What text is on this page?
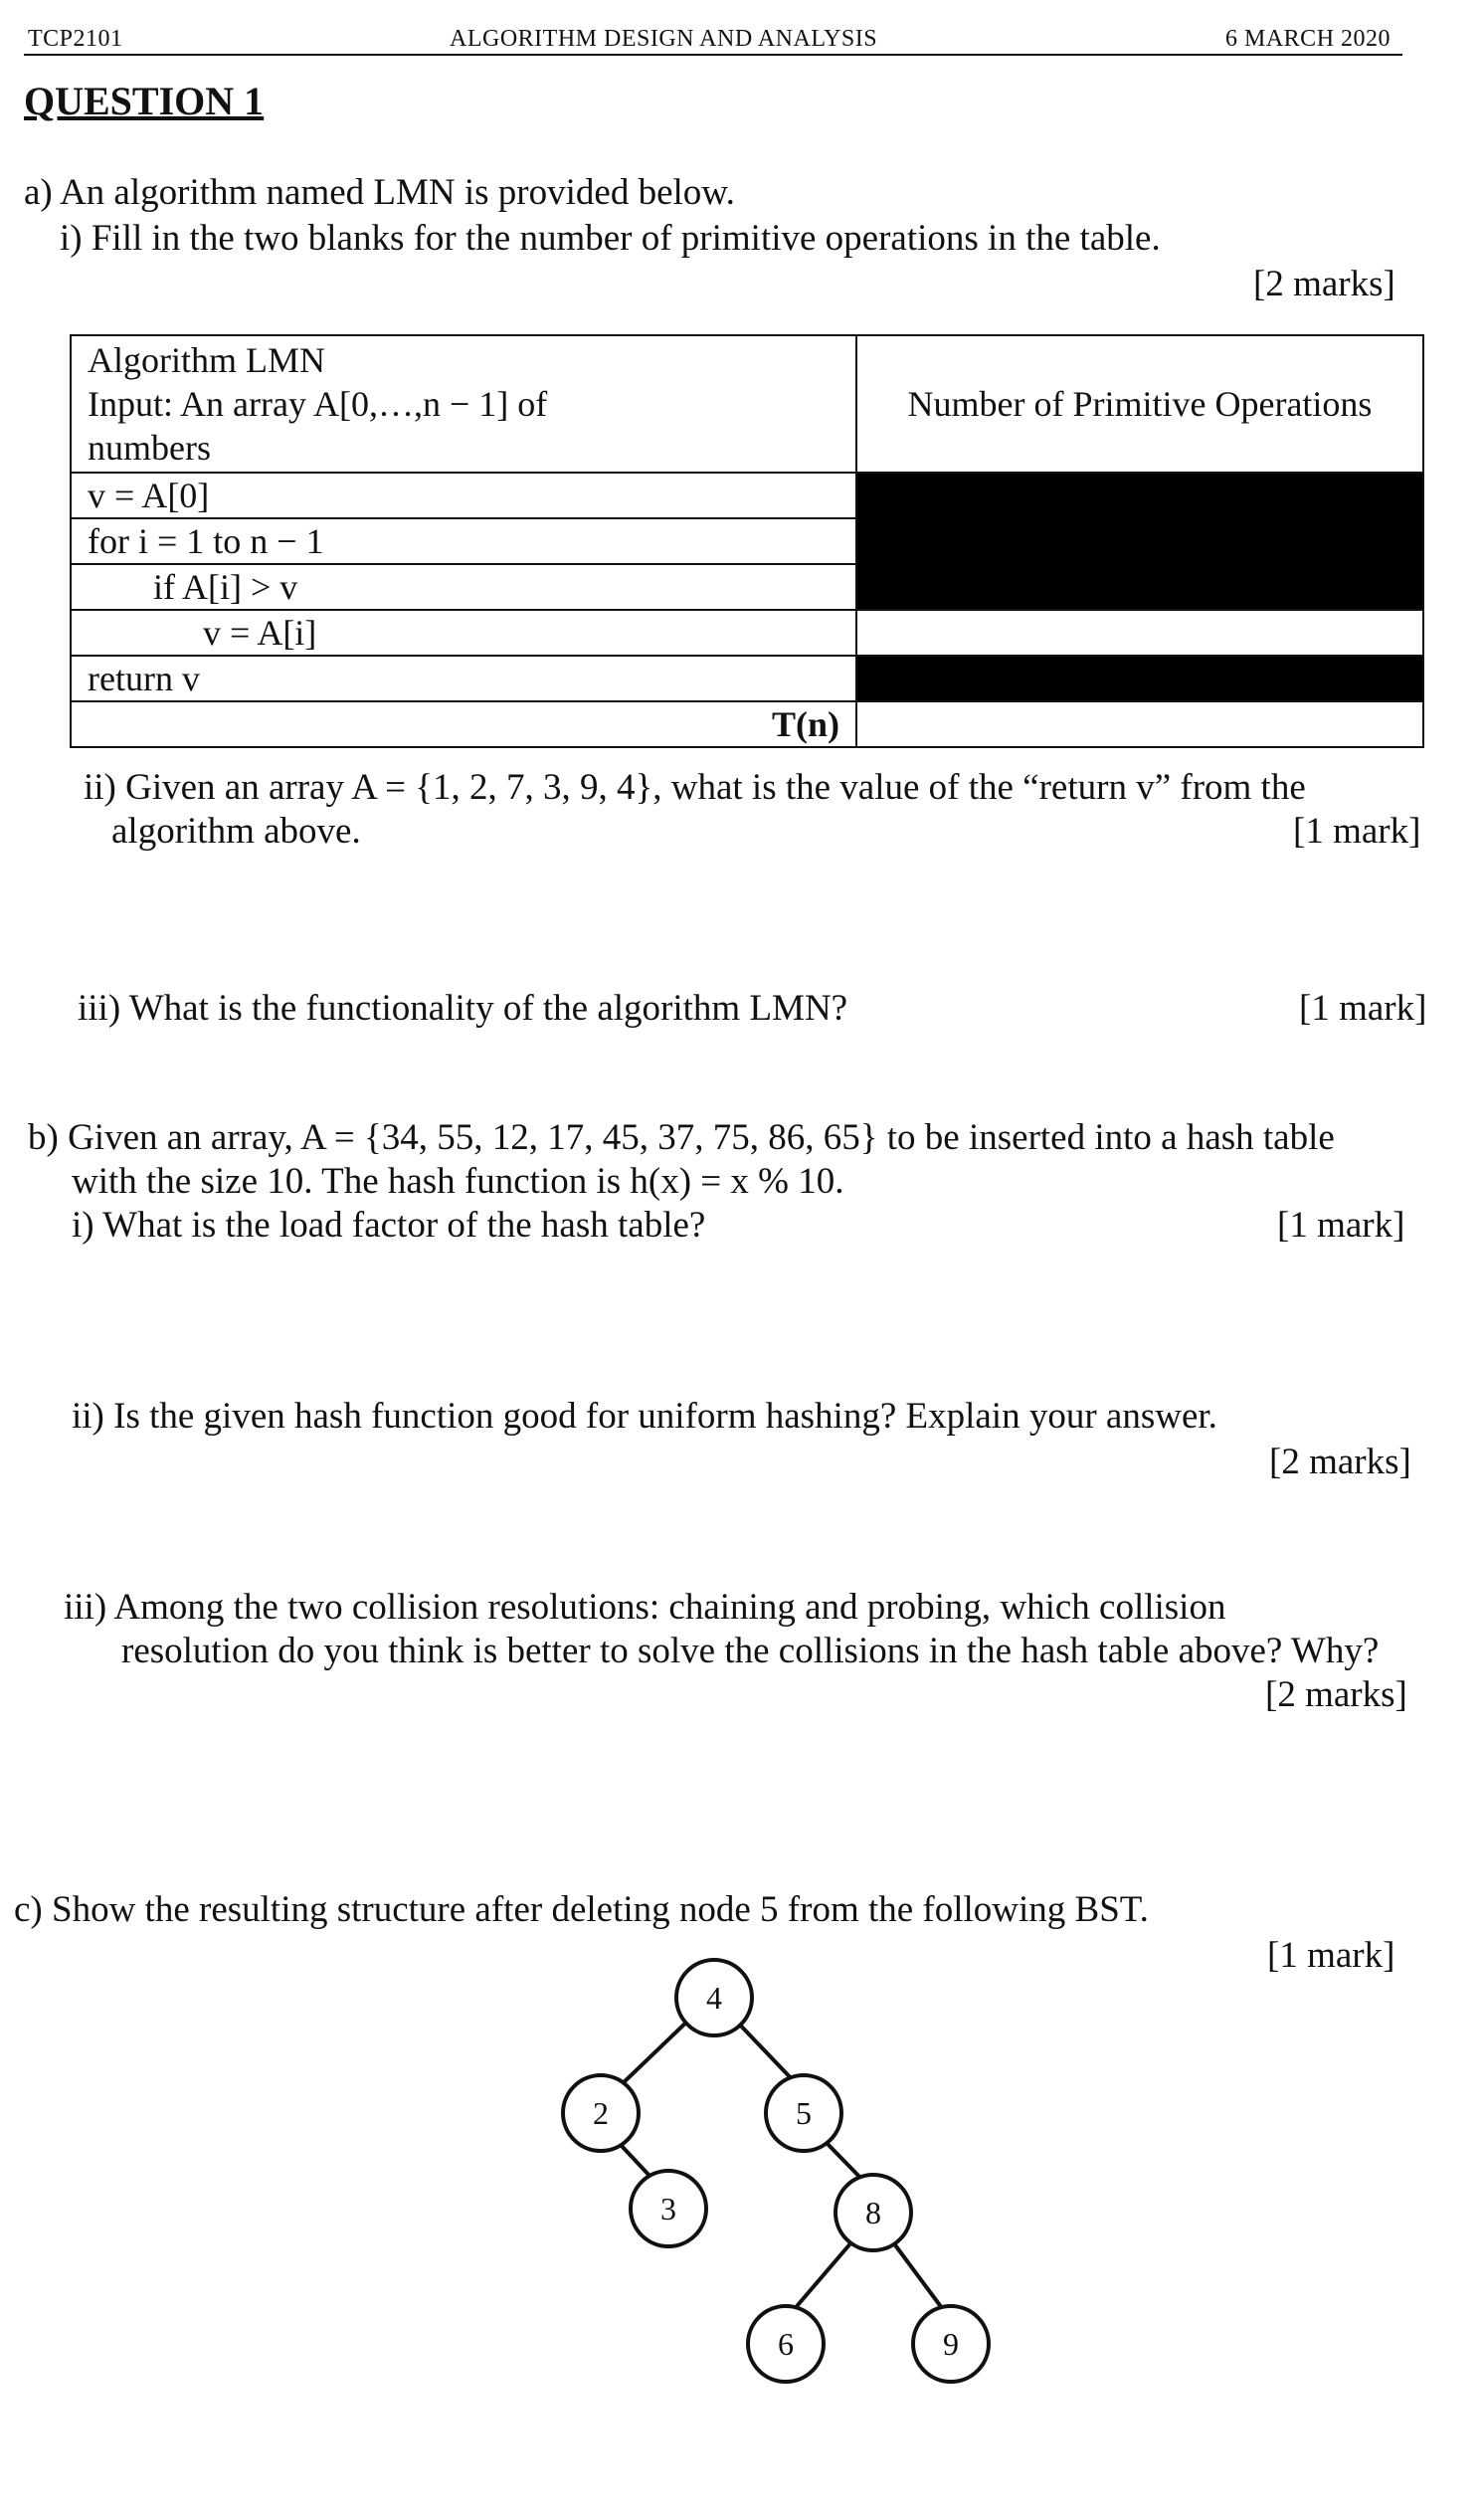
TCP2101	ALGORITHM DESIGN AND ANALYSIS	6 MARCH 2020
QUESTION 1
a) An algorithm named LMN is provided below.
i) Fill in the two blanks for the number of primitive operations in the table.
[2 marks]
Algorithm LMN
Input: An array A[0,…,n − 1] of
numbers	Number of Primitive Operations
v = A[0]	
for i = 1 to n − 1	
if A[i] > v	
v = A[i]	
return v	
T(n)	
ii) Given an array A = {1, 2, 7, 3, 9, 4}, what is the value of the “return v” from the
algorithm above.	[1 mark]
iii) What is the functionality of the algorithm LMN?	[1 mark]
b) Given an array, A = {34, 55, 12, 17, 45, 37, 75, 86, 65} to be inserted into a hash table
with the size 10. The hash function is h(x) = x % 10.
i) What is the load factor of the hash table?	[1 mark]
ii) Is the given hash function good for uniform hashing? Explain your answer.
[2 marks]
iii) Among the two collision resolutions: chaining and probing, which collision
resolution do you think is better to solve the collisions in the hash table above? Why?
[2 marks]
c) Show the resulting structure after deleting node 5 from the following BST.
[1 mark]
4
2	5
3	8
6	9
